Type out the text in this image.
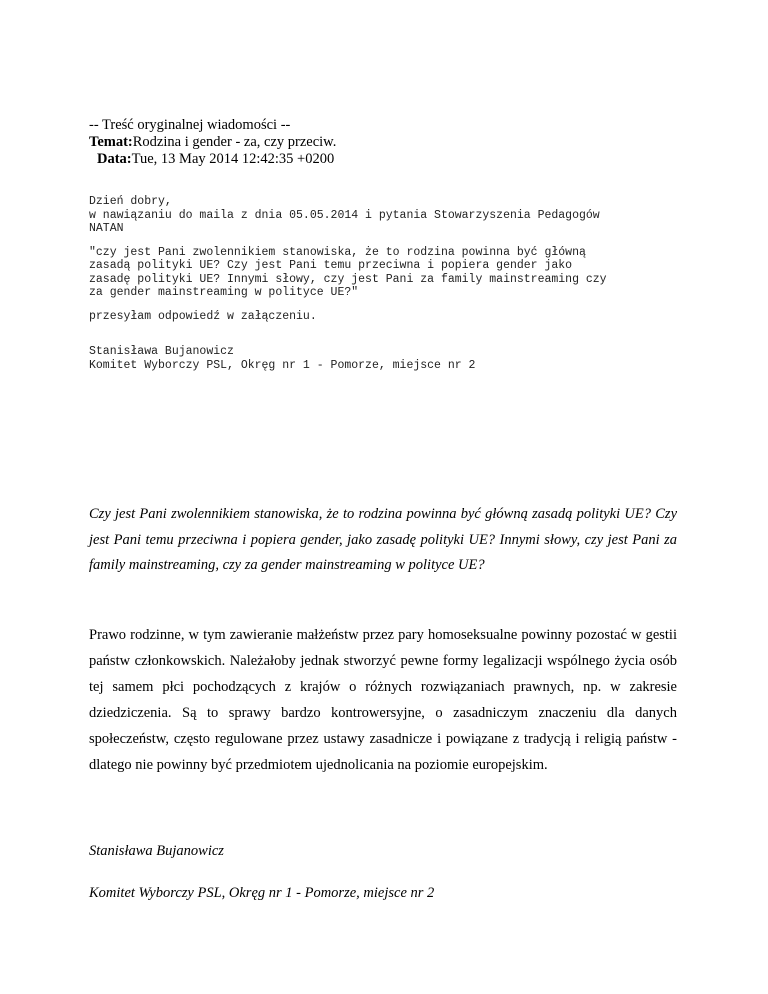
-- Treść oryginalnej wiadomości --
Temat:Rodzina i gender - za, czy przeciw.
Data:Tue, 13 May 2014 12:42:35 +0200

Dzień dobry,
w nawiązaniu do maila z dnia 05.05.2014 i pytania Stowarzyszenia Pedagogów
NATAN

"czy jest Pani zwolennikiem stanowiska, że to rodzina powinna być główną
zasadą polityki UE? Czy jest Pani temu przeciwna i popiera gender jako
zasadę polityki UE? Innymi słowy, czy jest Pani za family mainstreaming czy
za gender mainstreaming w polityce UE?"

przesyłam odpowiedź w załączeniu.

Stanisława Bujanowicz
Komitet Wyborczy PSL, Okręg nr 1 - Pomorze, miejsce nr 2

Czy jest Pani zwolennikiem stanowiska, że to rodzina powinna być główną zasadą polityki UE? Czy jest Pani temu przeciwna i popiera gender, jako zasadę polityki UE? Innymi słowy, czy jest Pani za family mainstreaming, czy za gender mainstreaming w polityce UE?
Prawo rodzinne, w tym zawieranie małżeństw przez pary homoseksualne powinny pozostać w gestii państw członkowskich. Należałoby jednak stworzyć pewne formy legalizacji wspólnego życia osób tej samem płci pochodzących z krajów o różnych rozwiązaniach prawnych, np. w zakresie dziedziczenia. Są to sprawy bardzo kontrowersyjne, o zasadniczym znaczeniu dla danych społeczeństw, często regulowane przez ustawy zasadnicze i powiązane z tradycją i religią państw - dlatego nie powinny być przedmiotem ujednolicania na poziomie europejskim.
Stanisława Bujanowicz
Komitet Wyborczy PSL, Okręg nr 1 - Pomorze, miejsce nr 2
